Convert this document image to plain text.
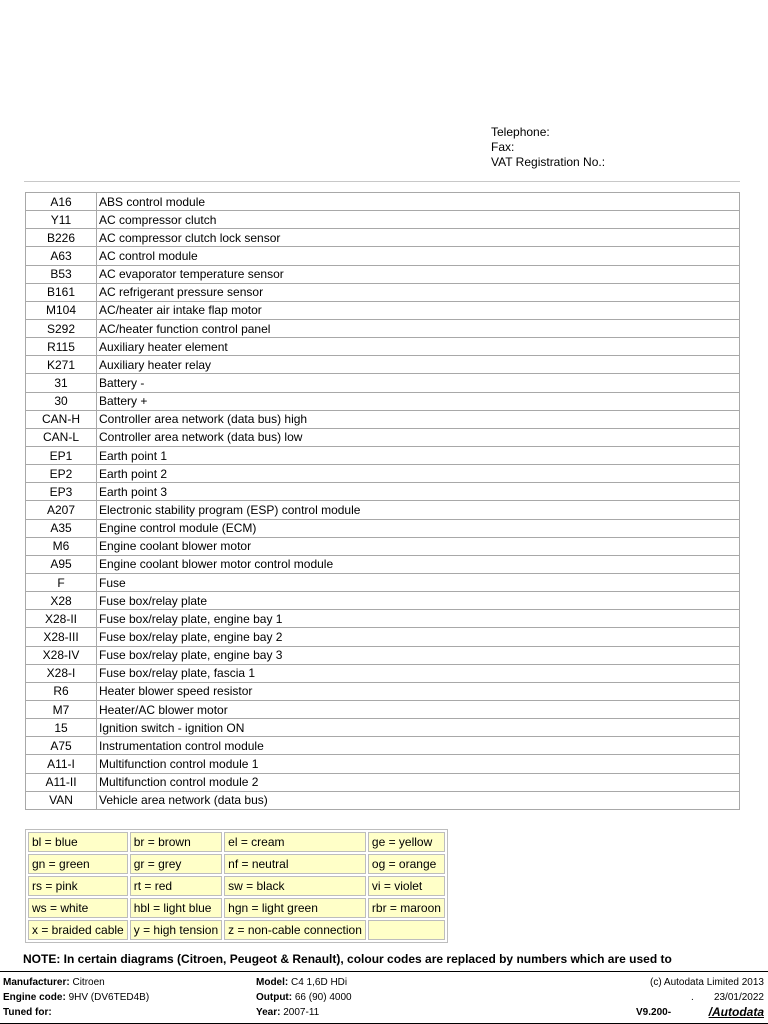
Telephone:
Fax:
VAT Registration No.:
A16	ABS control module
Y11	AC compressor clutch
B226	AC compressor clutch lock sensor
A63	AC control module
B53	AC evaporator temperature sensor
B161	AC refrigerant pressure sensor
M104	AC/heater air intake flap motor
S292	AC/heater function control panel
R115	Auxiliary heater element
K271	Auxiliary heater relay
31	Battery -
30	Battery +
CAN-H	Controller area network (data bus) high
CAN-L	Controller area network (data bus) low
EP1	Earth point 1
EP2	Earth point 2
EP3	Earth point 3
A207	Electronic stability program (ESP) control module
A35	Engine control module (ECM)
M6	Engine coolant blower motor
A95	Engine coolant blower motor control module
F	Fuse
X28	Fuse box/relay plate
X28-II	Fuse box/relay plate, engine bay 1
X28-III	Fuse box/relay plate, engine bay 2
X28-IV	Fuse box/relay plate, engine bay 3
X28-I	Fuse box/relay plate, fascia 1
R6	Heater blower speed resistor
M7	Heater/AC blower motor
15	Ignition switch - ignition ON
A75	Instrumentation control module
A11-I	Multifunction control module 1
A11-II	Multifunction control module 2
VAN	Vehicle area network (data bus)
bl = blue	br = brown	el = cream	ge = yellow
gn = green	gr = grey	nf = neutral	og = orange
rs = pink	rt = red	sw = black	vi = violet
ws = white	hbl = light blue	hgn = light green	rbr = maroon
x = braided cable	y = high tension	z = non-cable connection	
NOTE: In certain diagrams (Citroen, Peugeot & Renault), colour codes are replaced by numbers which are used to
Manufacturer: Citroen	Model: C4 1,6D HDi	(c) Autodata Limited 2013
Engine code: 9HV (DV6TED4B)	Output: 66 (90) 4000	. 23/01/2022
Tuned for:	Year: 2007-11	V9.200-	/Autodata
